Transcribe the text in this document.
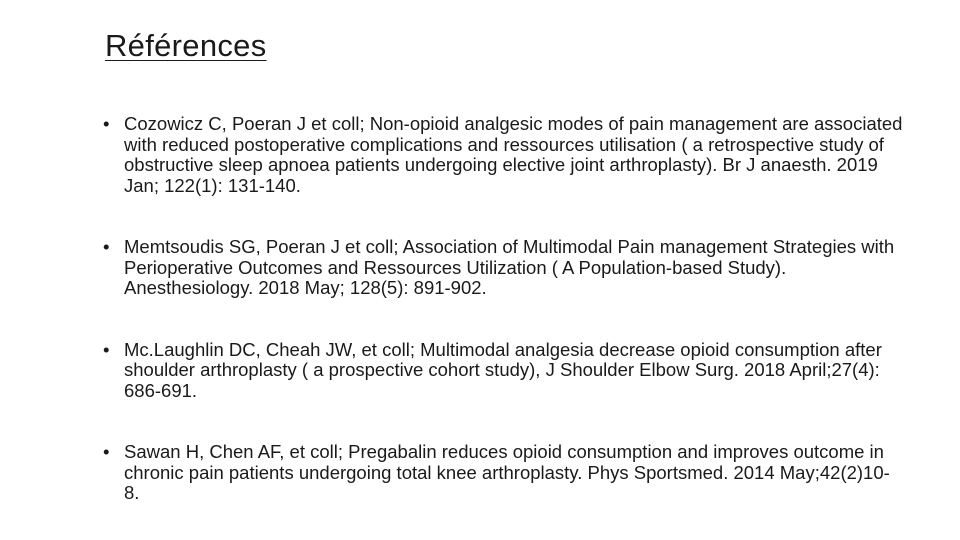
Références
• Cozowicz C, Poeran J et coll; Non-opioid analgesic modes of pain management are associated with reduced postoperative complications and ressources utilisation ( a retrospective study of obstructive sleep apnoea patients undergoing elective joint arthroplasty). Br J anaesth. 2019 Jan; 122(1): 131-140.
• Memtsoudis SG, Poeran J et coll; Association of Multimodal Pain management Strategies with Perioperative Outcomes and Ressources Utilization ( A Population-based Study). Anesthesiology. 2018 May; 128(5): 891-902.
• Mc.Laughlin DC, Cheah JW, et coll; Multimodal analgesia decrease opioid consumption after shoulder arthroplasty ( a prospective cohort study), J Shoulder Elbow Surg. 2018 April;27(4): 686-691.
• Sawan H, Chen AF, et coll; Pregabalin reduces opioid consumption and improves outcome in chronic pain patients undergoing total knee arthroplasty. Phys Sportsmed. 2014 May;42(2)10-8.
